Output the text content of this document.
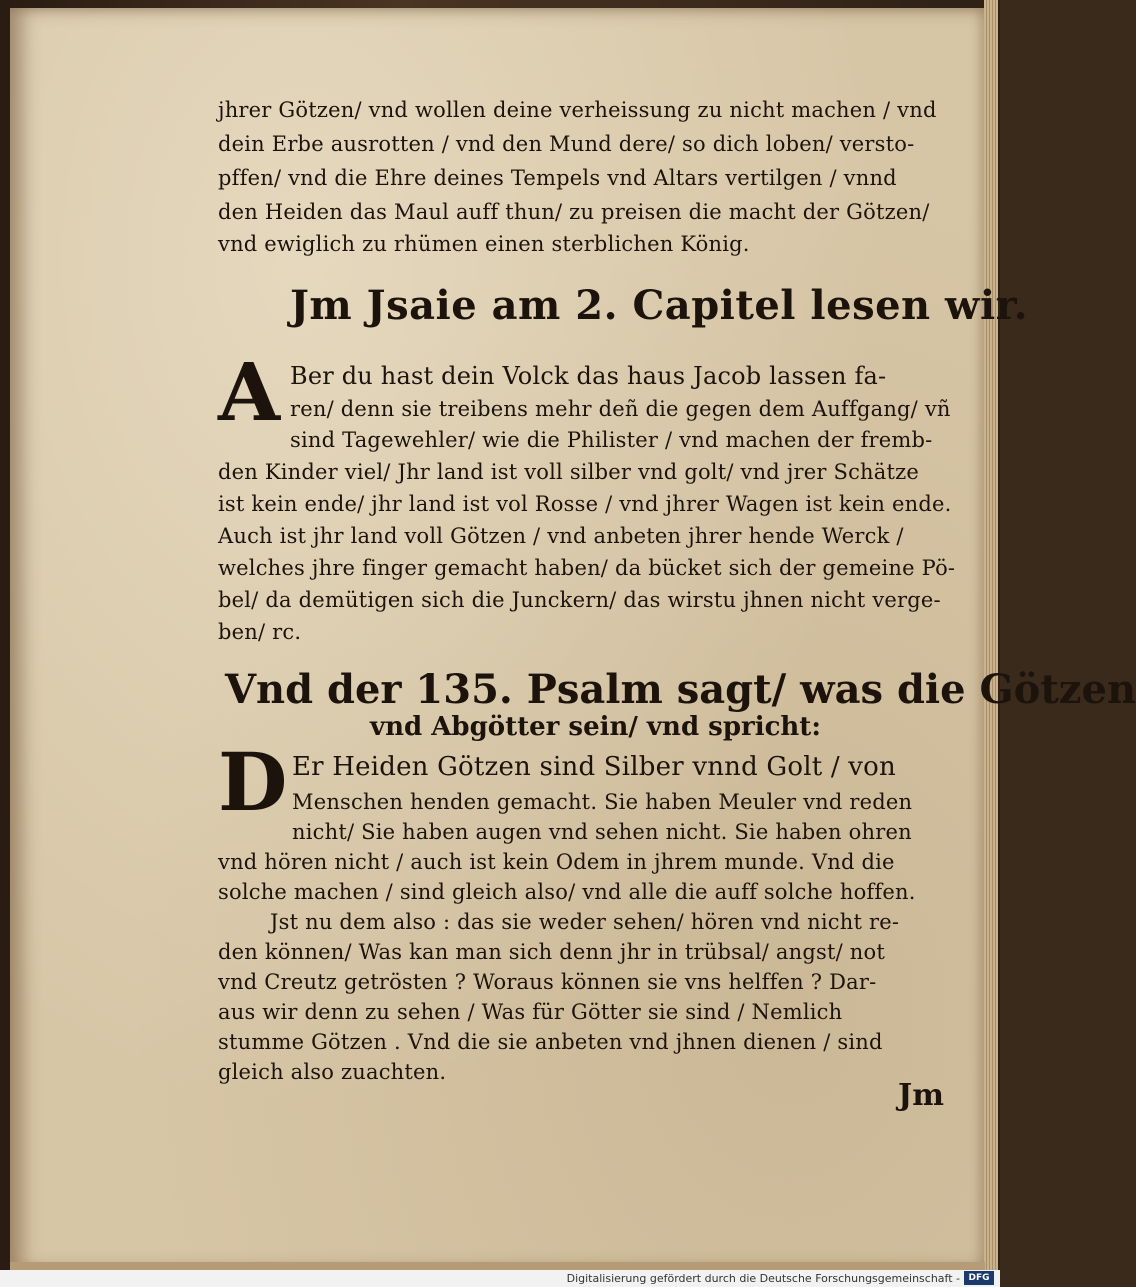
jhrer Götzen/ vnd wollen deine verheissung zu nicht machen / vnd
dein Erbe ausrotten / vnd den Mund dere/ so dich loben/ versto-
pffen/ vnd die Ehre deines Tempels vnd Altars vertilgen / vnnd
den Heiden das Maul auff thun/ zu preisen die macht der Götzen/
vnd ewiglich zu rhümen einen sterblichen König.
Jm Jsaie am 2. Capitel lesen wir.
A Ber du hast dein Volck das haus Jacob lassen fa-
ren/ denn sie treibens mehr deñ die gegen dem Auffgang/ vñ
sind Tagewehler/ wie die Philister / vnd machen der fremb-
den Kinder viel/ Jhr land ist voll silber vnd golt/ vnd jrer Schätze
ist kein ende/ jhr land ist vol Rosse / vnd jhrer Wagen ist kein ende.
Auch ist jhr land voll Götzen / vnd anbeten jhrer hende Werck /
welches jhre finger gemacht haben/ da bücket sich der gemeine Pö-
bel/ da demütigen sich die Junckern/ das wirstu jhnen nicht verge-
ben/ rc.
Vnd der 135. Psalm sagt/ was die Götzen
vnd Abgötter sein/ vnd spricht:
D Er Heiden Götzen sind Silber vnnd Golt / von
Menschen henden gemacht. Sie haben Meuler vnd reden
nicht/ Sie haben augen vnd sehen nicht. Sie haben ohren
vnd hören nicht / auch ist kein Odem in jhrem munde. Vnd die
solche machen / sind gleich also/ vnd alle die auff solche hoffen.
Jst nu dem also : das sie weder sehen/ hören vnd nicht re-
den können/ Was kan man sich denn jhr in trübsal/ angst/ not
vnd Creutz getrösten ? Woraus können sie vns helffen ? Dar-
aus wir denn zu sehen / Was für Götter sie sind / Nemlich
stumme Götzen . Vnd die sie anbeten vnd jhnen dienen / sind
gleich also zuachten.
Jm
Digitalisierung gefördert durch die Deutsche Forschungsgemeinschaft - DFG
